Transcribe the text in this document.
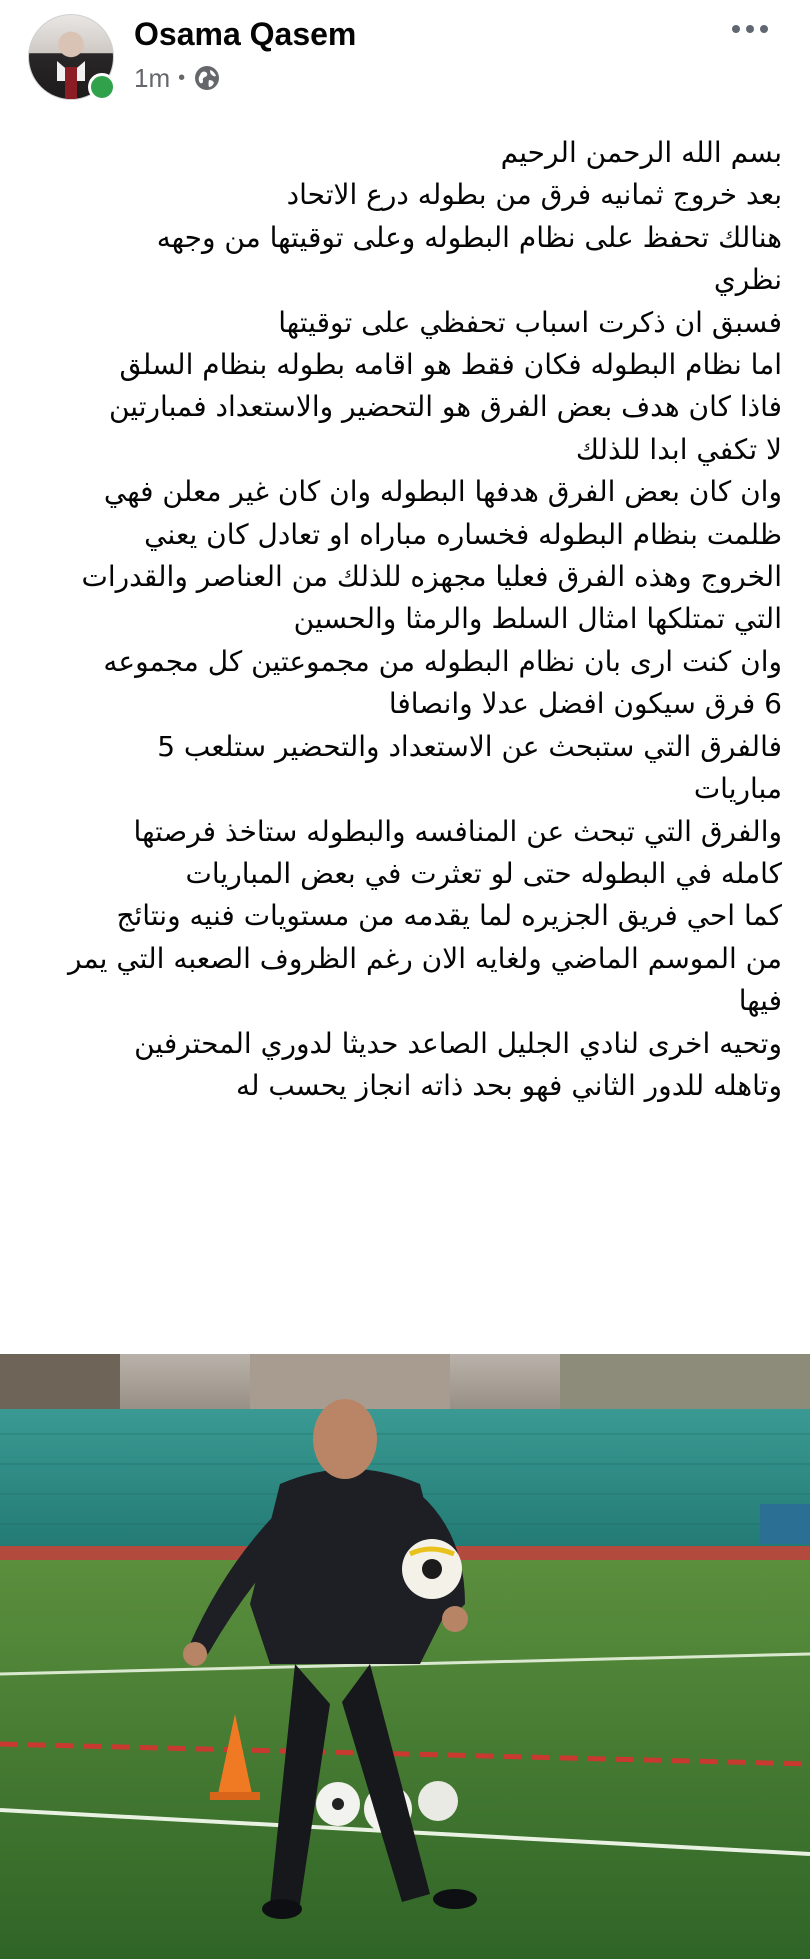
Osama Qasem
1m •
بسم الله الرحمن الرحيم
بعد خروج ثمانيه فرق من بطوله درع الاتحاد
هنالك تحفظ على نظام البطوله وعلى توقيتها من وجهه
نظري
فسبق ان ذكرت اسباب تحفظي على توقيتها
اما نظام البطوله فكان فقط هو اقامه بطوله بنظام السلق
فاذا كان هدف بعض الفرق هو التحضير والاستعداد فمبارتين
لا تكفي ابدا للذلك
وان كان بعض الفرق هدفها البطوله وان كان غير معلن فهي
ظلمت بنظام البطوله فخساره مباراه او تعادل كان يعني
الخروج وهذه الفرق فعليا مجهزه للذلك من العناصر والقدرات
التي تمتلكها امثال السلط والرمثا والحسين
وان كنت ارى بان نظام البطوله من مجموعتين كل مجموعه
6 فرق سيكون افضل عدلا وانصافا
فالفرق التي ستبحث عن الاستعداد والتحضير ستلعب 5
مباريات
والفرق التي تبحث عن المنافسه والبطوله ستاخذ فرصتها
كامله في البطوله حتى لو تعثرت في بعض المباريات
كما احي فريق الجزيره لما يقدمه من مستويات فنيه ونتائج
من الموسم الماضي ولغايه الان رغم الظروف الصعبه التي يمر
فيها
وتحيه اخرى لنادي الجليل الصاعد حديثا لدوري المحترفين
وتاهله للدور الثاني فهو بحد ذاته انجاز يحسب له
